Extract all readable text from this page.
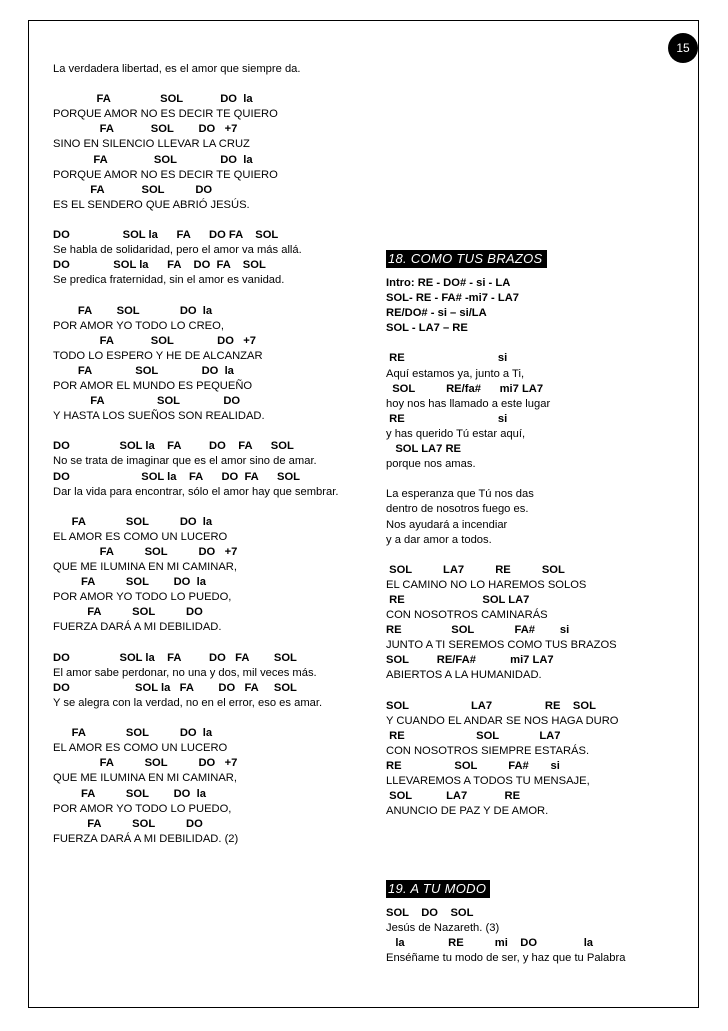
15
La verdadera libertad, es el amor que siempre da.
FA                SOL            DO  la
PORQUE AMOR NO ES DECIR TE QUIERO
FA            SOL        DO   +7
SINO EN SILENCIO LLEVAR LA CRUZ
FA               SOL              DO  la
PORQUE AMOR NO ES DECIR TE QUIERO
FA            SOL          DO
ES EL SENDERO QUE ABRIÓ JESÚS.
DO                 SOL la      FA      DO FA    SOL
Se habla de solidaridad, pero el amor va más allá.
DO              SOL la      FA    DO  FA    SOL
Se predica fraternidad, sin el amor es vanidad.
FA        SOL             DO  la
POR AMOR YO TODO LO CREO,
FA            SOL              DO   +7
TODO LO ESPERO Y HE DE ALCANZAR
FA              SOL              DO  la
POR AMOR EL MUNDO ES PEQUEÑO
FA                 SOL              DO
Y HASTA LOS SUEÑOS SON REALIDAD.
DO                SOL la    FA         DO    FA      SOL
No se trata de imaginar que es el amor sino de amar.
DO                       SOL la    FA      DO  FA      SOL
Dar la vida para encontrar, sólo el amor hay que sembrar.
FA             SOL          DO  la
EL AMOR ES COMO UN LUCERO
FA          SOL          DO   +7
QUE ME ILUMINA EN MI CAMINAR,
FA          SOL        DO  la
POR AMOR YO TODO LO PUEDO,
FA          SOL          DO
FUERZA DARÁ A MI DEBILIDAD.
DO                SOL la    FA         DO   FA        SOL
El amor sabe perdonar, no una y dos, mil veces más.
DO                     SOL la   FA        DO   FA     SOL
Y se alegra con la verdad, no en el error, eso es amar.
FA             SOL          DO  la
EL AMOR ES COMO UN LUCERO
FA          SOL          DO   +7
QUE ME ILUMINA EN MI CAMINAR,
FA          SOL        DO  la
POR AMOR YO TODO LO PUEDO,
FA          SOL          DO
FUERZA DARÁ A MI DEBILIDAD. (2)
18. COMO TUS BRAZOS
Intro: RE - DO# - si - LA
SOL- RE - FA# -mi7 - LA7
RE/DO# - si – si/LA
SOL - LA7 – RE
RE                              si
Aquí estamos ya, junto a Ti,
SOL          RE/fa#      mi7 LA7
hoy nos has llamado a este lugar
RE                              si
y has querido Tú estar aquí,
SOL LA7 RE
porque nos amas.
La esperanza que Tú nos das
dentro de nosotros fuego es.
Nos ayudará a incendiar
y a dar amor a todos.
SOL          LA7          RE          SOL
EL CAMINO NO LO HAREMOS SOLOS
RE                         SOL LA7
CON NOSOTROS CAMINARÁS
RE                SOL             FA#        si
JUNTO A TI SEREMOS COMO TUS BRAZOS
SOL         RE/FA#           mi7 LA7
ABIERTOS A LA HUMANIDAD.
SOL                    LA7                 RE    SOL
Y CUANDO EL ANDAR SE NOS HAGA DURO
RE                       SOL             LA7
CON NOSOTROS SIEMPRE ESTARÁS.
RE                 SOL          FA#       si
LLEVAREMOS A TODOS TU MENSAJE,
SOL           LA7            RE
ANUNCIO DE PAZ Y DE AMOR.
19. A TU MODO
SOL    DO    SOL
Jesús de Nazareth. (3)
la              RE          mi    DO               la
Enséñame tu modo de ser, y haz que tu Palabra
